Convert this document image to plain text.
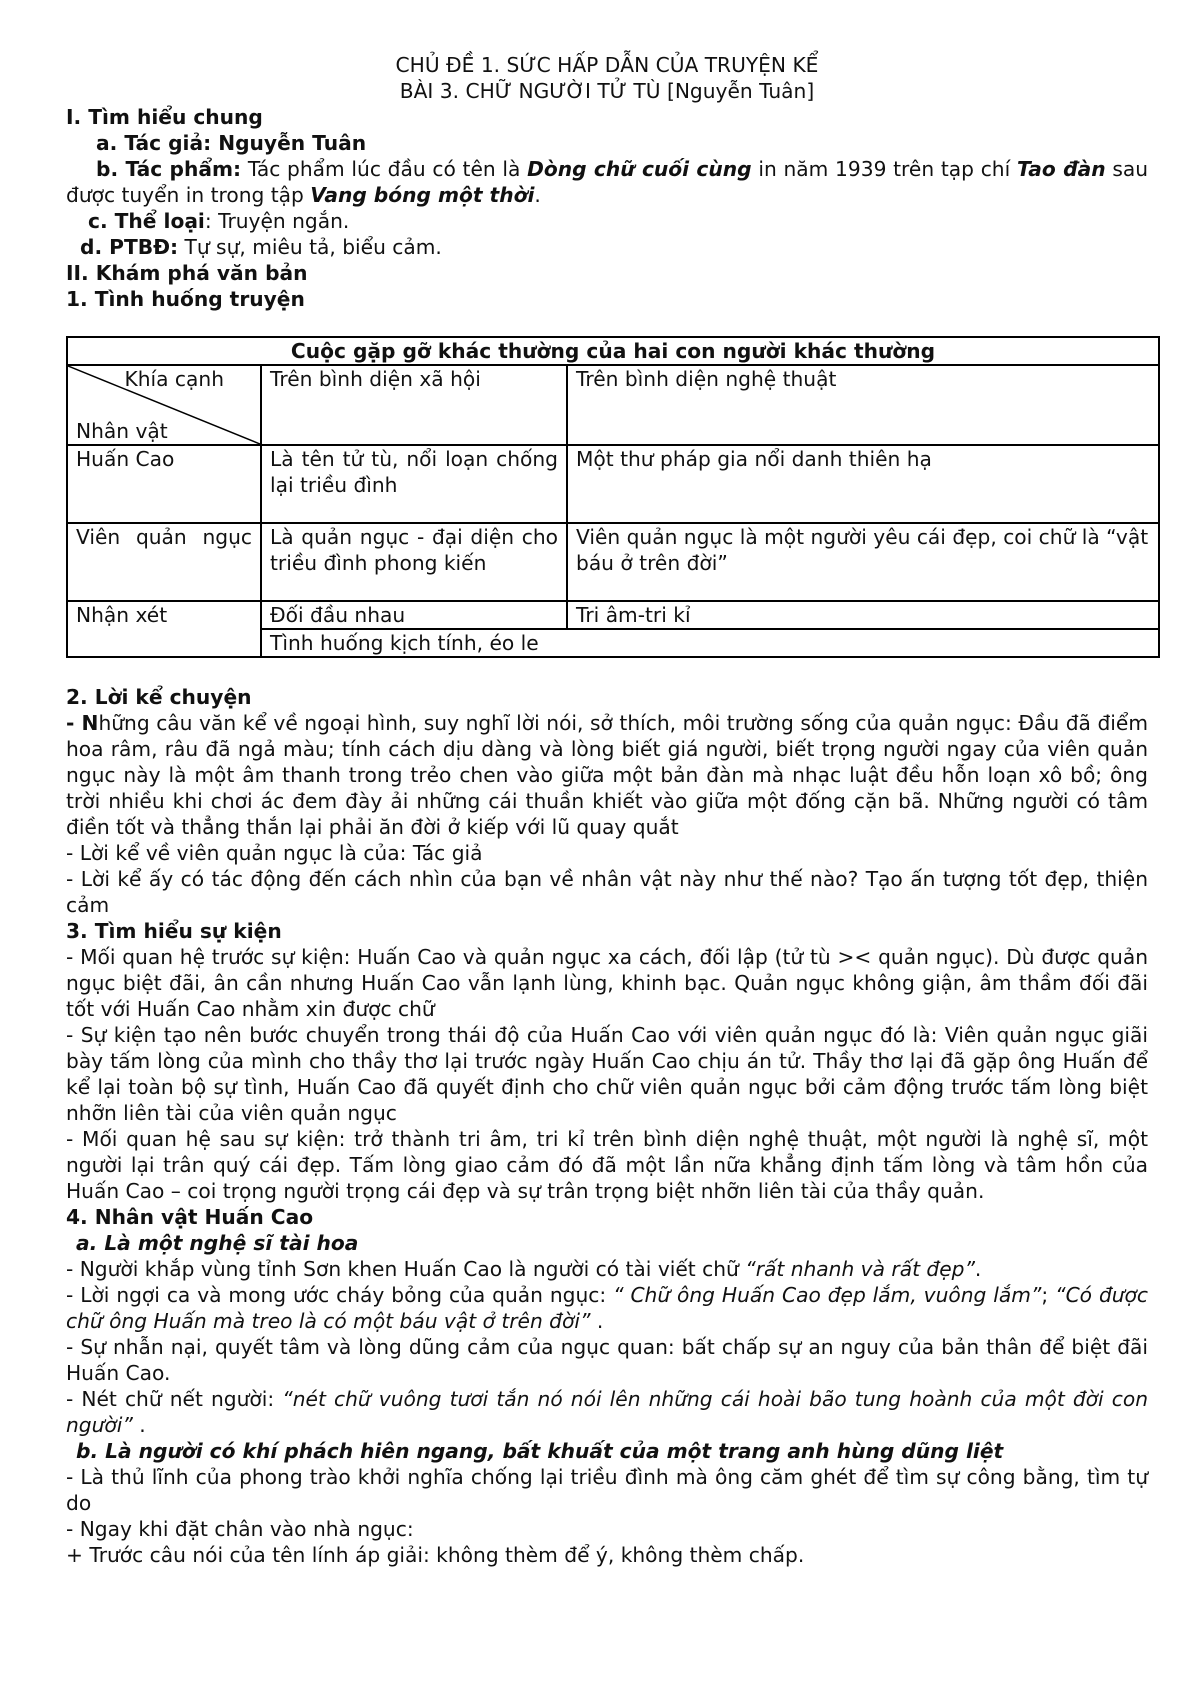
CHỦ ĐỀ 1. SỨC HẤP DẪN CỦA TRUYỆN KỂ
BÀI 3. CHỮ NGƯỜI TỬ TÙ [Nguyễn Tuân]
I. Tìm hiểu chung
a. Tác giả: Nguyễn Tuân
b. Tác phẩm: Tác phẩm lúc đầu có tên là Dòng chữ cuối cùng in năm 1939 trên tạp chí Tao đàn sau được tuyển in trong tập Vang bóng một thời.
c. Thể loại: Truyện ngắn.
d. PTBĐ: Tự sự, miêu tả, biểu cảm.
II. Khám phá văn bản
1. Tình huống truyện
Cuộc gặp gỡ khác thường của hai con người khác thường		

Khía cạnh
Nhân vật	Trên bình diện xã hội	Trên bình diện nghệ thuật
Huấn Cao	Là tên tử tù, nổi loạn chống lại triều đình	Một thư pháp gia nổi danh thiên hạ
Viên quản ngục	Là quản ngục - đại diện cho triều đình phong kiến	Viên quản ngục là một người yêu cái đẹp, coi chữ là “vật báu ở trên đời”
Nhận xét	Đối đầu nhau	Tri âm-tri kỉ
	Tình huống kịch tính, éo le	
2. Lời kể chuyện
- Những câu văn kể về ngoại hình, suy nghĩ lời nói, sở thích, môi trường sống của quản ngục: Đầu đã điểm hoa râm, râu đã ngả màu; tính cách dịu dàng và lòng biết giá người, biết trọng người ngay của viên quản ngục này là một âm thanh trong trẻo chen vào giữa một bản đàn mà nhạc luật đều hỗn loạn xô bồ; ông trời nhiều khi chơi ác đem đày ải những cái thuần khiết vào giữa một đống cặn bã. Những người có tâm điền tốt và thẳng thắn lại phải ăn đời ở kiếp với lũ quay quắt
- Lời kể về viên quản ngục là của: Tác giả
- Lời kể ấy có tác động đến cách nhìn của bạn về nhân vật này như thế nào? Tạo ấn tượng tốt đẹp, thiện cảm
3. Tìm hiểu sự kiện
- Mối quan hệ trước sự kiện: Huấn Cao và quản ngục xa cách, đối lập (tử tù >< quản ngục). Dù được quản ngục biệt đãi, ân cần nhưng Huấn Cao vẫn lạnh lùng, khinh bạc. Quản ngục không giận, âm thầm đối đãi tốt với Huấn Cao nhằm xin được chữ
- Sự kiện tạo nên bước chuyển trong thái độ của Huấn Cao với viên quản ngục đó là: Viên quản ngục giãi bày tấm lòng của mình cho thầy thơ lại trước ngày Huấn Cao chịu án tử. Thầy thơ lại đã gặp ông Huấn để kể lại toàn bộ sự tình, Huấn Cao đã quyết định cho chữ viên quản ngục bởi cảm động trước tấm lòng biệt nhỡn liên tài của viên quản ngục
- Mối quan hệ sau sự kiện: trở thành tri âm, tri kỉ trên bình diện nghệ thuật, một người là nghệ sĩ, một người lại trân quý cái đẹp. Tấm lòng giao cảm đó đã một lần nữa khẳng định tấm lòng và tâm hồn của Huấn Cao – coi trọng người trọng cái đẹp và sự trân trọng biệt nhỡn liên tài của thầy quản.
4. Nhân vật Huấn Cao
a. Là một nghệ sĩ tài hoa
- Người khắp vùng tỉnh Sơn khen Huấn Cao là người có tài viết chữ “rất nhanh và rất đẹp”.
- Lời ngợi ca và mong ước cháy bỏng của quản ngục: “ Chữ ông Huấn Cao đẹp lắm, vuông lắm”; “Có được chữ ông Huấn mà treo là có một báu vật ở trên đời” .
- Sự nhẫn nại, quyết tâm và lòng dũng cảm của ngục quan: bất chấp sự an nguy của bản thân để biệt đãi Huấn Cao.
- Nét chữ nết người: “nét chữ vuông tươi tắn nó nói lên những cái hoài bão tung hoành của một đời con người” .
b. Là người có khí phách hiên ngang, bất khuất của một trang anh hùng dũng liệt
- Là thủ lĩnh của phong trào khởi nghĩa chống lại triều đình mà ông căm ghét để tìm sự công bằng, tìm tự do
- Ngay khi đặt chân vào nhà ngục:
+ Trước câu nói của tên lính áp giải: không thèm để ý, không thèm chấp.
